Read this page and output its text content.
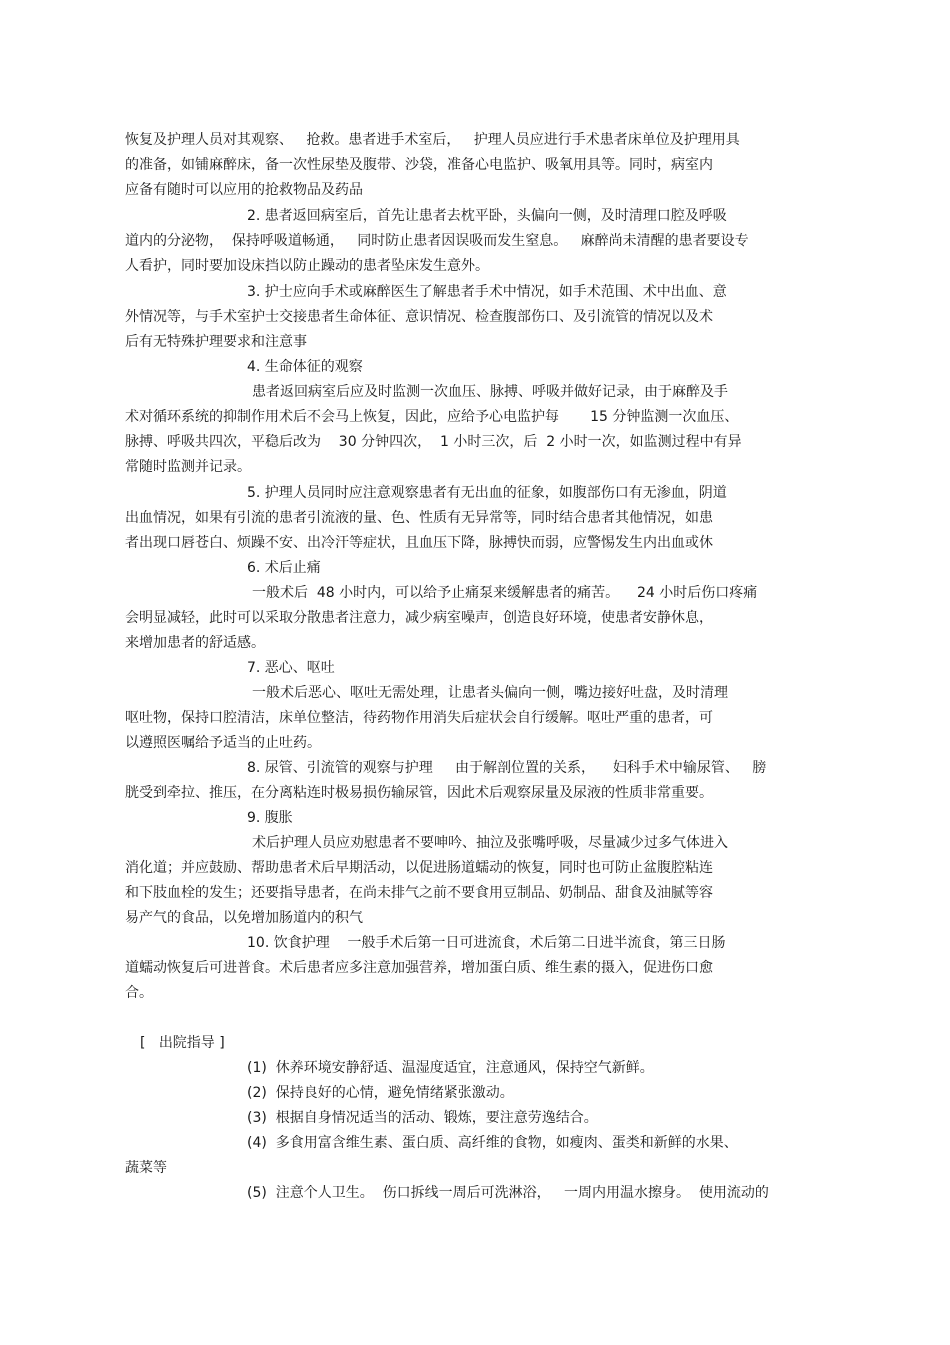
恢复及护理人员对其观察、   抢救。患者进手术室后，   护理人员应进行手术患者床单位及护理用具
的准备，如铺麻醉床，备一次性尿垫及腹带、沙袋，准备心电监护、吸氧用具等。同时，病室内
应备有随时可以应用的抢救物品及药品
2. 患者返回病室后，首先让患者去枕平卧，头偏向一侧，及时清理口腔及呼吸
道内的分泌物，  保持呼吸道畅通，   同时防止患者因误吸而发生窒息。   麻醉尚未清醒的患者要设专
人看护，同时要加设床挡以防止躁动的患者坠床发生意外。
3. 护士应向手术或麻醉医生了解患者手术中情况，如手术范围、术中出血、意
外情况等，与手术室护士交接患者生命体征、意识情况、检查腹部伤口、及引流管的情况以及术
后有无特殊护理要求和注意事
4. 生命体征的观察
患者返回病室后应及时监测一次血压、脉搏、呼吸并做好记录，由于麻醉及手
术对循环系统的抑制作用术后不会马上恢复，因此，应给予心电监护每       15 分钟监测一次血压、
脉搏、呼吸共四次，平稳后改为    30 分钟四次，  1 小时三次，后  2 小时一次，如监测过程中有异
常随时监测并记录。
5. 护理人员同时应注意观察患者有无出血的征象，如腹部伤口有无渗血，阴道
出血情况，如果有引流的患者引流液的量、色、性质有无异常等，同时结合患者其他情况，如患
者出现口唇苍白、烦躁不安、出冷汗等症状，且血压下降，脉搏快而弱，应警惕发生内出血或休
6. 术后止痛
一般术后  48 小时内，可以给予止痛泵来缓解患者的痛苦。    24 小时后伤口疼痛
会明显减轻，此时可以采取分散患者注意力，减少病室噪声，创造良好环境，使患者安静休息，
来增加患者的舒适感。
7. 恶心、呕吐
一般术后恶心、呕吐无需处理，让患者头偏向一侧，嘴边接好吐盘，及时清理
呕吐物，保持口腔清洁，床单位整洁，待药物作用消失后症状会自行缓解。呕吐严重的患者，可
以遵照医嘱给予适当的止吐药。
8. 尿管、引流管的观察与护理     由于解剖位置的关系，    妇科手术中输尿管、   膀
胱受到牵拉、推压，在分离粘连时极易损伤输尿管，因此术后观察尿量及尿液的性质非常重要。
9. 腹胀
术后护理人员应劝慰患者不要呻吟、抽泣及张嘴呼吸，尽量减少过多气体进入
消化道；并应鼓励、帮助患者术后早期活动，以促进肠道蠕动的恢复，同时也可防止盆腹腔粘连
和下肢血栓的发生；还要指导患者，在尚未排气之前不要食用豆制品、奶制品、甜食及油腻等容
易产气的食品，以免增加肠道内的积气
10. 饮食护理    一般手术后第一日可进流食，术后第二日进半流食，第三日肠
道蠕动恢复后可进普食。术后患者应多注意加强营养，增加蛋白质、维生素的摄入，促进伤口愈
合。
[   出院指导 ]
(1)  休养环境安静舒适、温湿度适宜，注意通风，保持空气新鲜。
(2)  保持良好的心情，避免情绪紧张激动。
(3)  根据自身情况适当的活动、锻炼，要注意劳逸结合。
(4)  多食用富含维生素、蛋白质、高纤维的食物，如瘦肉、蛋类和新鲜的水果、
蔬菜等
(5)  注意个人卫生。  伤口拆线一周后可洗淋浴，   一周内用温水擦身。  使用流动的
